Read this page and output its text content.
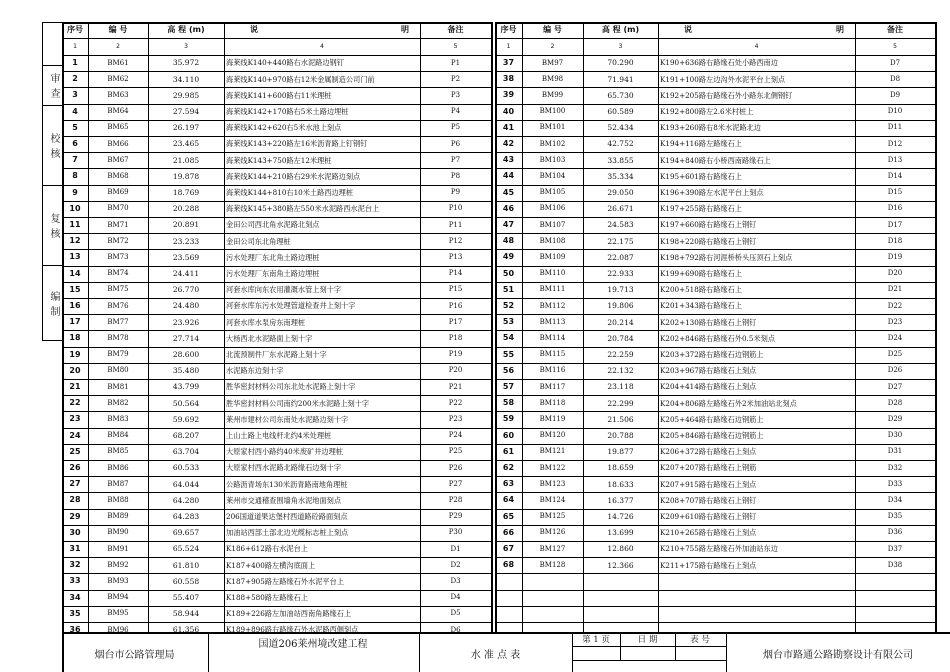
序号	编 号	高 程 (m)	说	明	备注
1	2	3	4	5
1	BM61	35.972	海莱线K140+440路右水泥路边钢钉	P1
2	BM62	34.110	海莱线K140+970路右12米金属制造公司门前	P2
3	BM63	29.985	海莱线K141+600路右11米理桩	P3
4	BM64	27.594	海莱线K142+170路右5米土路边埋桩	P4
5	BM65	26.197	海莱线K142+620右5米水池上刻点	P5
6	BM66	23.465	海莱线K143+220路左16米沥青路上钉钢钉	P6
7	BM67	21.085	海莱线K143+750路左12米理桩	P7
8	BM68	19.878	海莱线K144+210路右29米水泥路边刻点	P8
9	BM69	18.769	海莱线K144+810右10米土路西边理桩	P9
10	BM70	20.288	海莱线K145+380路左550米水泥路西水泥台上	P10
11	BM71	20.891	金田公司西北角水泥路北刻点	P11
12	BM72	23.233	金田公司东北角理桩	P12
13	BM73	23.569	污水处理厂东北角土路边理桩	P13
14	BM74	24.411	污水处理厂东南角土路边埋桩	P14
15	BM75	26.770	河套水库向东农用灌溉水管上刻十字	P15
16	BM76	24.480	河套水库东污水处理管道检查井上刻十字	P16
17	BM77	23.926	河套水库水泵房东南理桩	P17
18	BM78	27.714	大杨西北水泥路面上刻十字	P18
19	BM79	28.600	北流预制件厂东水泥路上刻十字	P19
20	BM80	35.480	水泥路东边刻十字	P20
21	BM81	43.799	胜华密封材料公司东北处水泥路上刻十字	P21
22	BM82	50.564	胜华密封材料公司南约200米水泥路上刻十字	P22
23	BM83	59.692	莱州市建材公司东南处水泥路边刻十字	P23
24	BM84	68.207	上山土路上电线杆北约4米处理桩	P24
25	BM85	63.704	大原家村西小路约40米废矿井边理桩	P25
26	BM86	60.533	大原家村西水泥路北路缘石边刻十字	P26
27	BM87	64.044	公路沥青场东130米沥青路南地角理桩	P27
28	BM88	64.280	莱州市交通稽查围墙角水泥地面刻点	P28
29	BM89	64.283	206国道道果达堡村西道路砼路面刻点	P29
30	BM90	69.657	加油站西部土部北边光缆标志桩上刻点	P30
31	BM91	65.524	K186+612路右水泥台上	D1
32	BM92	61.810	K187+400路左横沟底面上	D2
33	BM93	60.558	K187+905路左路缘石外水泥平台上	D3
34	BM94	55.407	K188+580路左路缘石上	D4
35	BM95	58.944	K189+226路左加油站西南角路缘石上	D5
36	BM96	61.356	K189+896路右路缘石外水泥路西侧刻点	D6
序号	编 号	高 程 (m)	说	明	备注
1	2	3	4	5
37	BM97	70.290	K190+636路右路缘石处小路西南边	D7
38	BM98	71.941	K191+100路左边沟外水泥平台上刻点	D8
39	BM99	65.730	K192+205路右路缘石外小路东北侧钢钉	D9
40	BM100	60.589	K192+800路左2.6米村桩上	D10
41	BM101	52.434	K193+260路右8米水泥路北边	D11
42	BM102	42.752	K194+116路左路缘石上	D12
43	BM103	33.855	K194+840路右小桥西南路缘石上	D13
44	BM104	35.334	K195+601路右路缘石上	D14
45	BM105	29.050	K196+390路左水泥平台上刻点	D15
46	BM106	26.671	K197+255路右路缘石上	D16
47	BM107	24.583	K197+660路右路缘石上钢钉	D17
48	BM108	22.175	K198+220路右路缘石上钢钉	D18
49	BM109	22.087	K198+792路右河涯桥桥头压顶石上刻点	D19
50	BM110	22.933	K199+690路右路缘石上	D20
51	BM111	19.713	K200+518路右路缘石上	D21
52	BM112	19.806	K201+343路右路缘石上	D22
53	BM113	20.214	K202+130路右路缘石上钢钉	D23
54	BM114	20.784	K202+846路右路缘石外0.5米刻点	D24
55	BM115	22.259	K203+372路右路缘石边钢筋上	D25
56	BM116	22.132	K203+967路右路缘石上刻点	D26
57	BM117	23.118	K204+414路右路缘石上刻点	D27
58	BM118	22.299	K204+806路左路缘石外2米加油站北刻点	D28
59	BM119	21.506	K205+464路右路缘石边钢筋上	D29
60	BM120	20.788	K205+846路右路缘石边钢筋上	D30
61	BM121	19.877	K206+372路右路缘石上刻点	D31
62	BM122	18.659	K207+207路右路缘石上钢筋	D32
63	BM123	18.633	K207+915路右路缘石上刻点	D33
64	BM124	16.377	K208+707路右路缘石上钢钉	D34
65	BM125	14.726	K209+610路右路缘石上钢钉	D35
66	BM126	13.699	K210+265路右路缘石上刻点	D36
67	BM127	12.860	K210+755路左路缘石外加油站东边	D37
68	BM128	12.366	K211+175路右路缘石上刻点	D38
审 查
校 核
复 核
编 制
烟台市公路管理局
国道206莱州境改建工程
水 准 点 表
第 1 页	日 期	表 号
烟台市路通公路勘察设计有限公司
